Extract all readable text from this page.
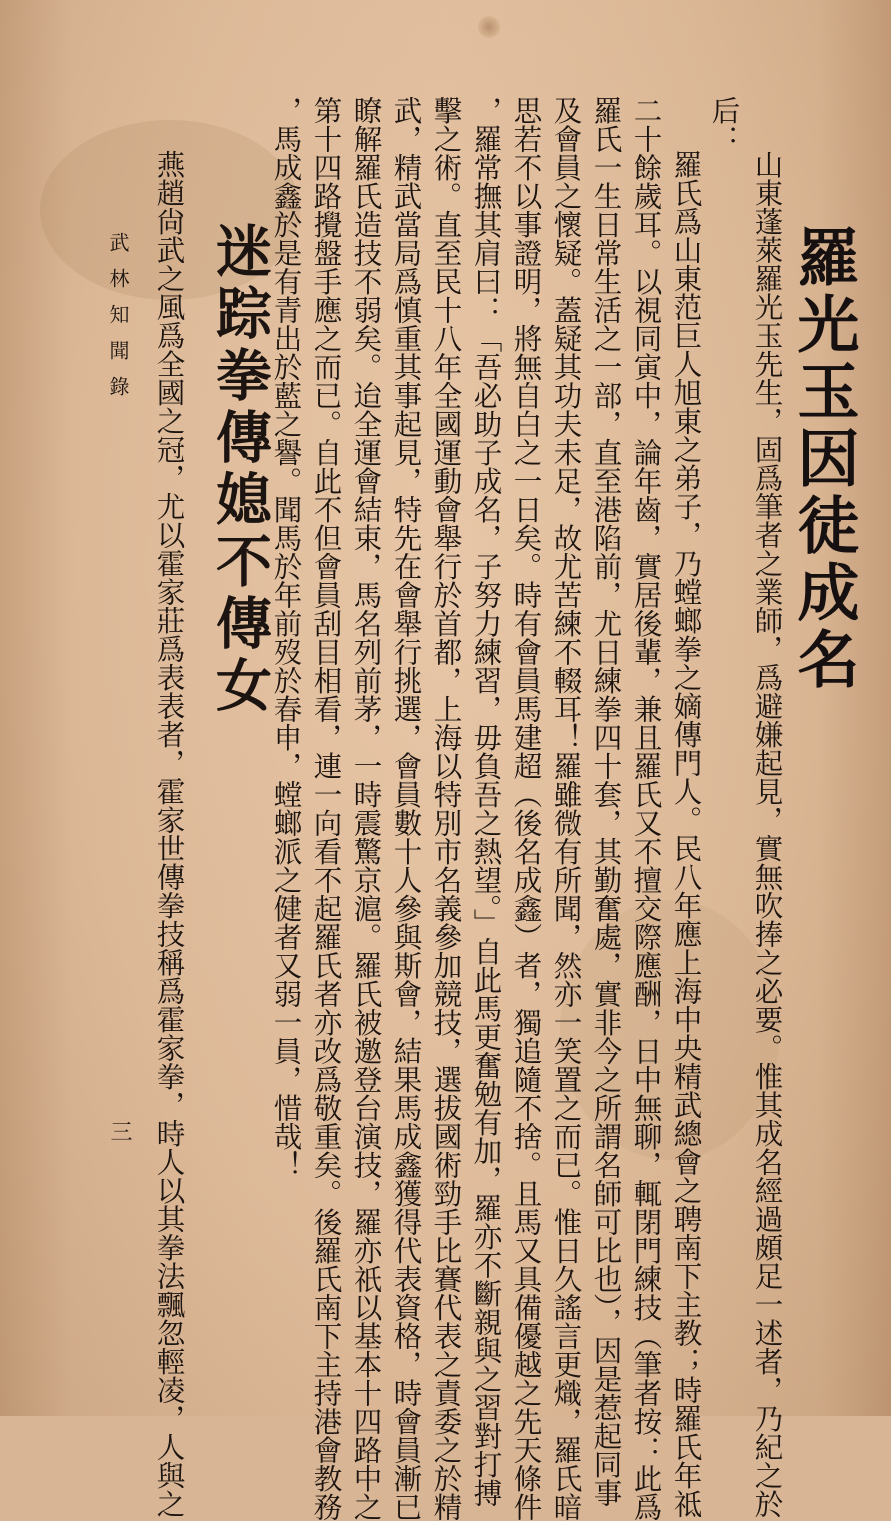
羅光玉因徒成名
山東蓬萊羅光玉先生，固爲筆者之業師，爲避嫌起見，實無吹捧之必要。惟其成名經過頗足一述者，乃紀之於
后：
羅氏爲山東范巨人旭東之弟子，乃螳螂拳之嫡傳門人。民八年應上海中央精武總會之聘南下主教；時羅氏年祗
二十餘歲耳。以視同寅中，論年齒，實居後輩，兼且羅氏又不擅交際應酬，日中無聊，輒閉門練技（筆者按：此爲
羅氏一生日常生活之一部，直至港陷前，尤日練拳四十套，其勤奮處，實非今之所謂名師可比也），因是惹起同事
及會員之懷疑。蓋疑其功夫未足，故尤苦練不輟耳！羅雖微有所聞，然亦一笑置之而已。惟日久謠言更熾，羅氏暗
思若不以事證明，將無自白之一日矣。時有會員馬建超（後名成鑫）者，獨追隨不捨。且馬又具備優越之先天條件
，羅常撫其肩曰：「吾必助子成名，子努力練習，毋負吾之熱望。」自此馬更奮勉有加，羅亦不斷親與之習對打搏
擊之術。直至民十八年全國運動會舉行於首都，上海以特別市名義參加競技，選拔國術勁手比賽代表之責委之於精
武，精武當局爲慎重其事起見，特先在會舉行挑選，會員數十人參與斯會，結果馬成鑫獲得代表資格，時會員漸已
瞭解羅氏造技不弱矣。迨全運會結束，馬名列前茅，一時震驚京滬。羅氏被邀登台演技，羅亦祇以基本十四路中之
第十四路攪盤手應之而已。自此不但會員刮目相看，連一向看不起羅氏者亦改爲敬重矣。後羅氏南下主持港會教務
，馬成鑫於是有青出於藍之譽。聞馬於年前歿於春申，螳螂派之健者又弱一員，惜哉！
迷踪拳傳媳不傳女
燕趙尙武之風爲全國之冠，尤以霍家莊爲表表者，霍家世傳拳技稱爲霍家拳，時人以其拳法飄忽輕凌，人與之
武林知聞錄
三
